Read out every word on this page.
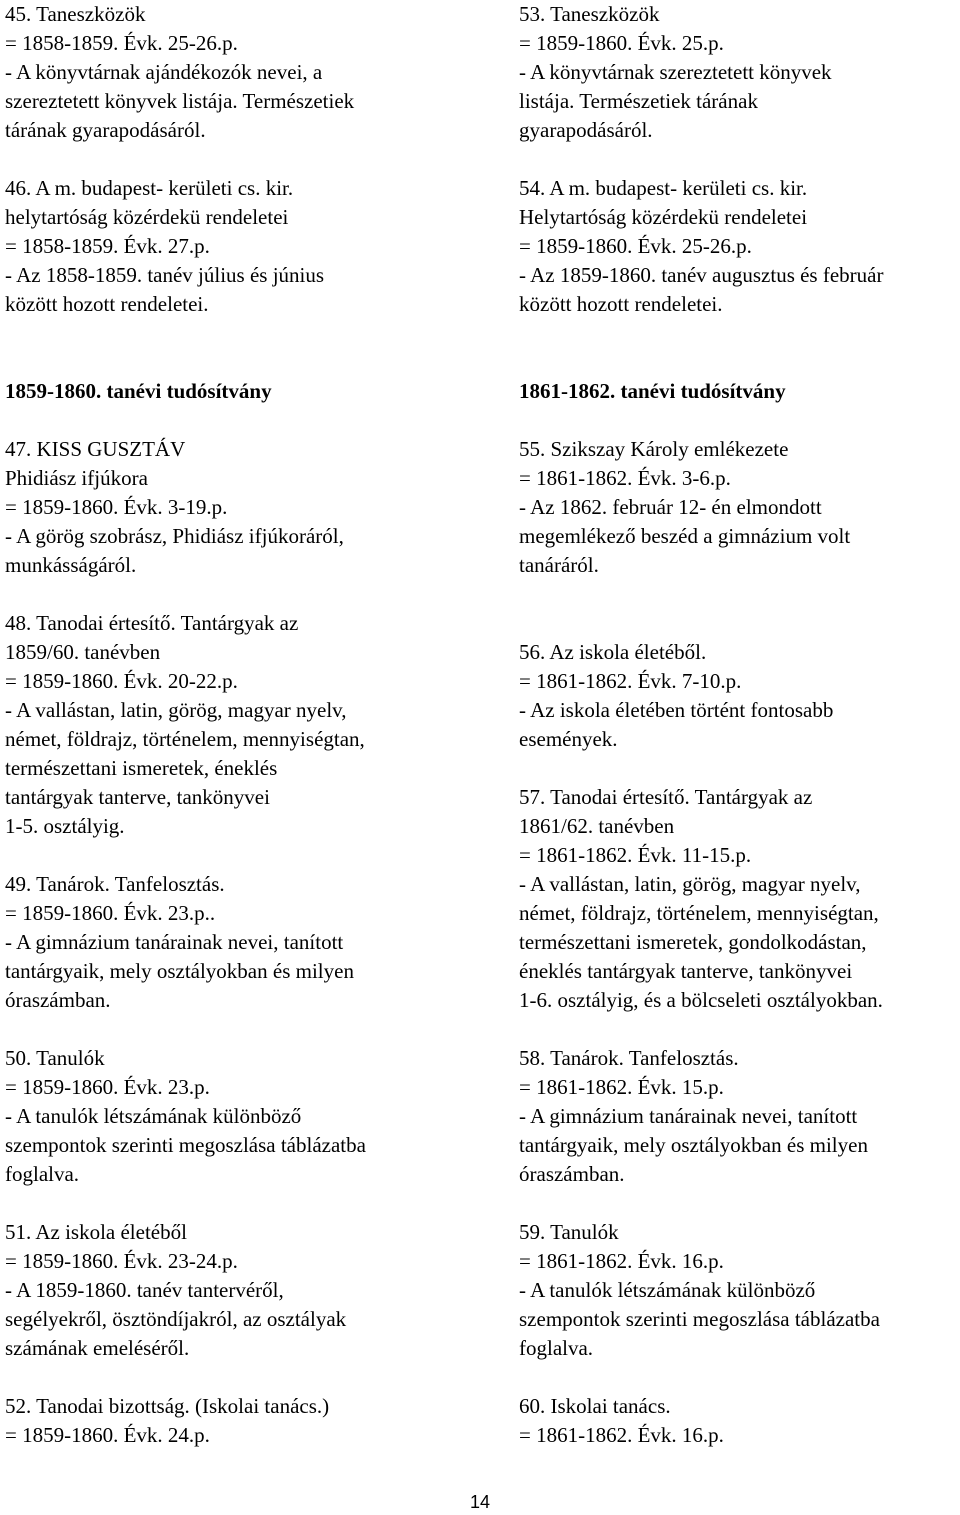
45. Taneszközök
= 1858-1859. Évk. 25-26.p.
- A könyvtárnak ajándékozók nevei, a
szereztetett könyvek listája. Természetiek
tárának gyarapodásáról.
46. A m. budapest- kerületi cs. kir.
helytartóság közérdekü rendeletei
= 1858-1859. Évk. 27.p.
- Az 1858-1859. tanév július és június
között hozott rendeletei.
1859-1860. tanévi tudósítvány
47. KISS GUSZTÁV
Phidiász ifjúkora
= 1859-1860. Évk. 3-19.p.
- A görög szobrász, Phidiász ifjúkoráról,
munkásságáról.
48. Tanodai értesítő. Tantárgyak az
1859/60. tanévben
= 1859-1860. Évk. 20-22.p.
- A vallástan, latin, görög, magyar nyelv,
német, földrajz, történelem, mennyiségtan,
természettani ismeretek, éneklés
tantárgyak tanterve, tankönyvei
1-5. osztályig.
49. Tanárok. Tanfelosztás.
= 1859-1860. Évk. 23.p..
- A gimnázium tanárainak nevei, tanított
tantárgyaik, mely osztályokban és milyen
óraszámban.
50. Tanulók
= 1859-1860. Évk. 23.p.
- A tanulók létszámának különböző
szempontok szerinti megoszlása táblázatba
foglalva.
51. Az iskola életéből
= 1859-1860. Évk. 23-24.p.
- A 1859-1860. tanév tantervéről,
segélyekről, ösztöndíjakról, az osztályak
számának emeléséről.
52. Tanodai bizottság. (Iskolai tanács.)
= 1859-1860. Évk. 24.p.
53. Taneszközök
= 1859-1860. Évk. 25.p.
- A könyvtárnak szereztetett könyvek
listája. Természetiek tárának
gyarapodásáról.
54. A m. budapest- kerületi cs. kir.
Helytartóság közérdekü rendeletei
= 1859-1860. Évk. 25-26.p.
- Az 1859-1860. tanév augusztus és február
között hozott rendeletei.
1861-1862. tanévi tudósítvány
55. Szikszay Károly emlékezete
= 1861-1862. Évk. 3-6.p.
- Az 1862. február 12- én elmondott
megemlékező beszéd a gimnázium volt
tanáráról.
56. Az iskola életéből.
= 1861-1862. Évk. 7-10.p.
- Az iskola életében történt fontosabb
események.
57. Tanodai értesítő. Tantárgyak az
1861/62. tanévben
= 1861-1862. Évk. 11-15.p.
- A vallástan, latin, görög, magyar nyelv,
német, földrajz, történelem, mennyiségtan,
természettani ismeretek, gondolkodástan,
éneklés tantárgyak tanterve, tankönyvei
1-6. osztályig, és a bölcseleti osztályokban.
58. Tanárok. Tanfelosztás.
= 1861-1862. Évk. 15.p.
- A gimnázium tanárainak nevei, tanított
tantárgyaik, mely osztályokban és milyen
óraszámban.
59. Tanulók
= 1861-1862. Évk. 16.p.
- A tanulók létszámának különböző
szempontok szerinti megoszlása táblázatba
foglalva.
60. Iskolai tanács.
= 1861-1862. Évk. 16.p.
14
